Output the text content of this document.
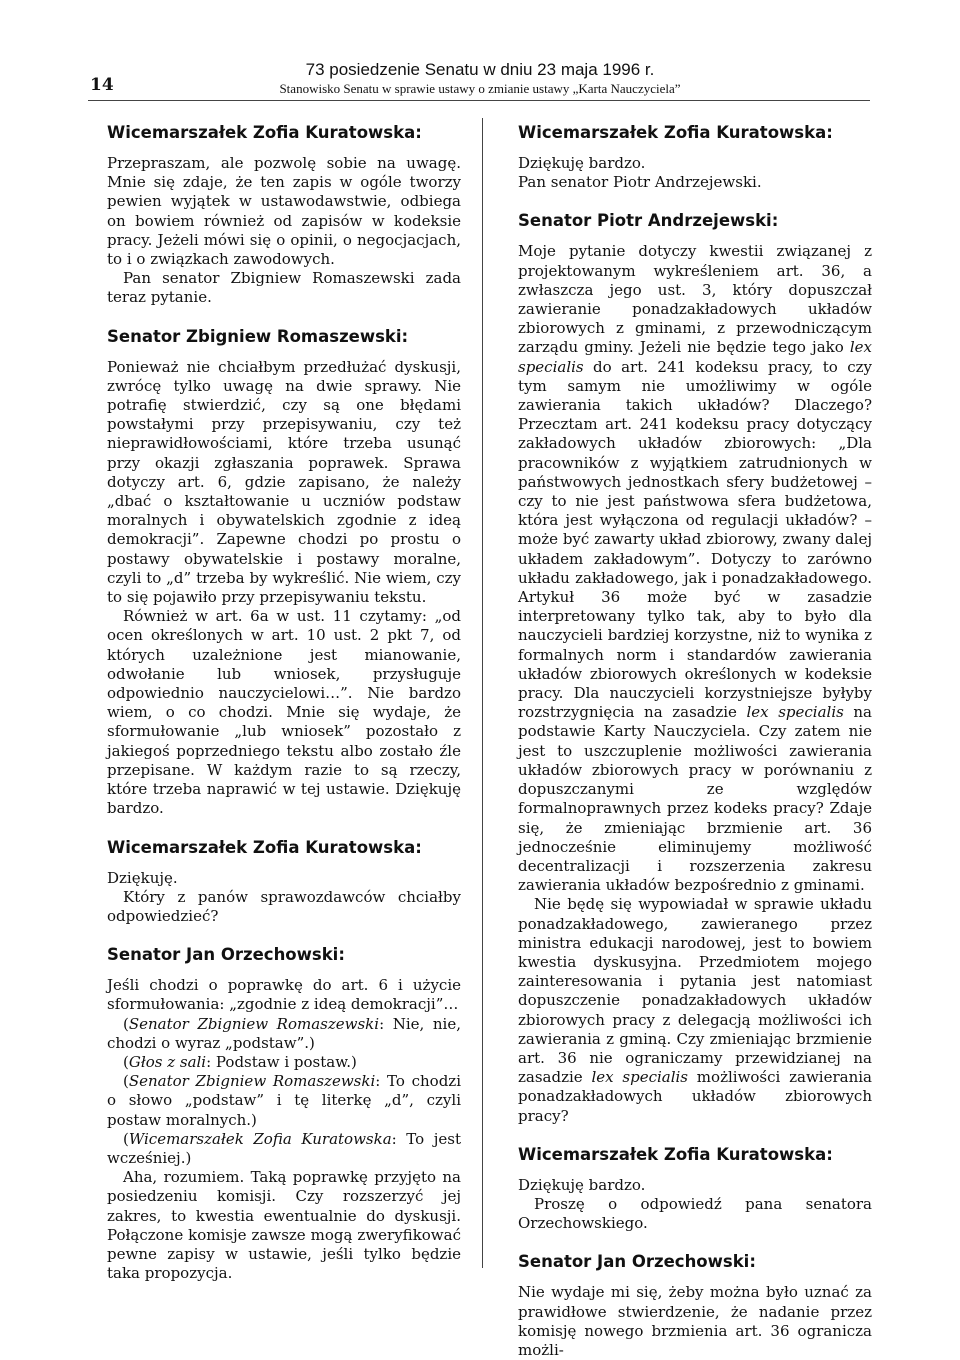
14
73 posiedzenie Senatu w dniu 23 maja 1996 r.
Stanowisko Senatu w sprawie ustawy o zmianie ustawy „Karta Nauczyciela”
Wicemarszałek Zofia Kuratowska:

Przepraszam, ale pozwolę sobie na uwagę. Mnie się zdaje, że ten zapis w ogóle tworzy pewien wyjątek w ustawodawstwie, odbiega on bowiem również od zapisów w kodeksie pracy. Jeżeli mówi się o opinii, o negocjacjach, to i o związkach zawodowych.

Pan senator Zbigniew Romaszewski zada teraz pytanie.

Senator Zbigniew Romaszewski:

Ponieważ nie chciałbym przedłużać dyskusji, zwrócę tylko uwagę na dwie sprawy. Nie potrafię stwierdzić, czy są one błędami powstałymi przy przepisywaniu, czy też nieprawidłowościami, które trzeba usunąć przy okazji zgłaszania poprawek. Sprawa dotyczy art. 6, gdzie zapisano, że należy „dbać o kształtowanie u uczniów podstaw moralnych i obywatelskich zgodnie z ideą demokracji”. Zapewne chodzi po prostu o postawy obywatelskie i postawy moralne, czyli to „d” trzeba by wykreślić. Nie wiem, czy to się pojawiło przy przepisywaniu tekstu.

Również w art. 6a w ust. 11 czytamy: „od ocen określonych w art. 10 ust. 2 pkt 7, od których uzależnione jest mianowanie, odwołanie lub wniosek, przysługuje odpowiednio nauczycielowi…”. Nie bardzo wiem, o co chodzi. Mnie się wydaje, że sformułowanie „lub wniosek” pozostało z jakiegoś poprzedniego tekstu albo zostało źle przepisane. W każdym razie to są rzeczy, które trzeba naprawić w tej ustawie. Dziękuję bardzo.

Wicemarszałek Zofia Kuratowska:

Dziękuję.

Który z panów sprawozdawców chciałby odpowiedzieć?

Senator Jan Orzechowski:

Jeśli chodzi o poprawkę do art. 6 i użycie sformułowania: „zgodnie z ideą demokracji”…

(Senator Zbigniew Romaszewski: Nie, nie, chodzi o wyraz „podstaw”.)

(Głos z sali: Podstaw i postaw.)

(Senator Zbigniew Romaszewski: To chodzi o słowo „podstaw” i tę literkę „d”, czyli postaw moralnych.)

(Wicemarszałek Zofia Kuratowska: To jest wcześniej.)

Aha, rozumiem. Taką poprawkę przyjęto na posiedzeniu komisji. Czy rozszerzyć jej zakres, to kwestia ewentualnie do dyskusji. Połączone komisje zawsze mogą zweryfikować pewne zapisy w ustawie, jeśli tylko będzie taka propozycja.

Wicemarszałek Zofia Kuratowska:

Dziękuję bardzo.

Pan senator Piotr Andrzejewski.

Senator Piotr Andrzejewski:

Moje pytanie dotyczy kwestii związanej z projektowanym wykreśleniem art. 36, a zwłaszcza jego ust. 3, który dopuszczał zawieranie ponadzakładowych układów zbiorowych z gminami, z przewodniczącym zarządu gminy. Jeżeli nie będzie tego jako lex specialis do art. 241 kodeksu pracy, to czy tym samym nie umożliwimy w ogóle zawierania takich układów? Dlaczego? Przecztam art. 241 kodeksu pracy dotyczący zakładowych układów zbiorowych: „Dla pracowników z wyjątkiem zatrudnionych w państwowych jednostkach sfery budżetowej – czy to nie jest państwowa sfera budżetowa, która jest wyłączona od regulacji układów? – może być zawarty układ zbiorowy, zwany dalej układem zakładowym”. Dotyczy to zarówno układu zakładowego, jak i ponadzakładowego. Artykuł 36 może być w zasadzie interpretowany tylko tak, aby to było dla nauczycieli bardziej korzystne, niż to wynika z formalnych norm i standardów zawierania układów zbiorowych określonych w kodeksie pracy. Dla nauczycieli korzystniejsze byłyby rozstrzygnięcia na zasadzie lex specialis na podstawie Karty Nauczyciela. Czy zatem nie jest to uszczuplenie możliwości zawierania układów zbiorowych pracy w porównaniu z dopuszczanymi ze względów formalnoprawnych przez kodeks pracy? Zdaje się, że zmieniając brzmienie art. 36 jednocześnie eliminujemy możliwość decentralizacji i rozszerzenia zakresu zawierania układów bezpośrednio z gminami.

Nie będę się wypowiadał w sprawie układu ponadzakładowego, zawieranego przez ministra edukacji narodowej, jest to bowiem kwestia dyskusyjna. Przedmiotem mojego zainteresowania i pytania jest natomiast dopuszczenie ponadzakładowych układów zbiorowych pracy z delegacją możliwości ich zawierania z gminą. Czy zmieniając brzmienie art. 36 nie ograniczamy przewidzianej na zasadzie lex specialis możliwości zawierania ponadzakładowych układów zbiorowych pracy?

Wicemarszałek Zofia Kuratowska:

Dziękuję bardzo.

Proszę o odpowiedź pana senatora Orzechowskiego.

Senator Jan Orzechowski:

Nie wydaje mi się, żeby można było uznać za prawidłowe stwierdzenie, że nadanie przez komisję nowego brzmienia art. 36 ogranicza możli-
